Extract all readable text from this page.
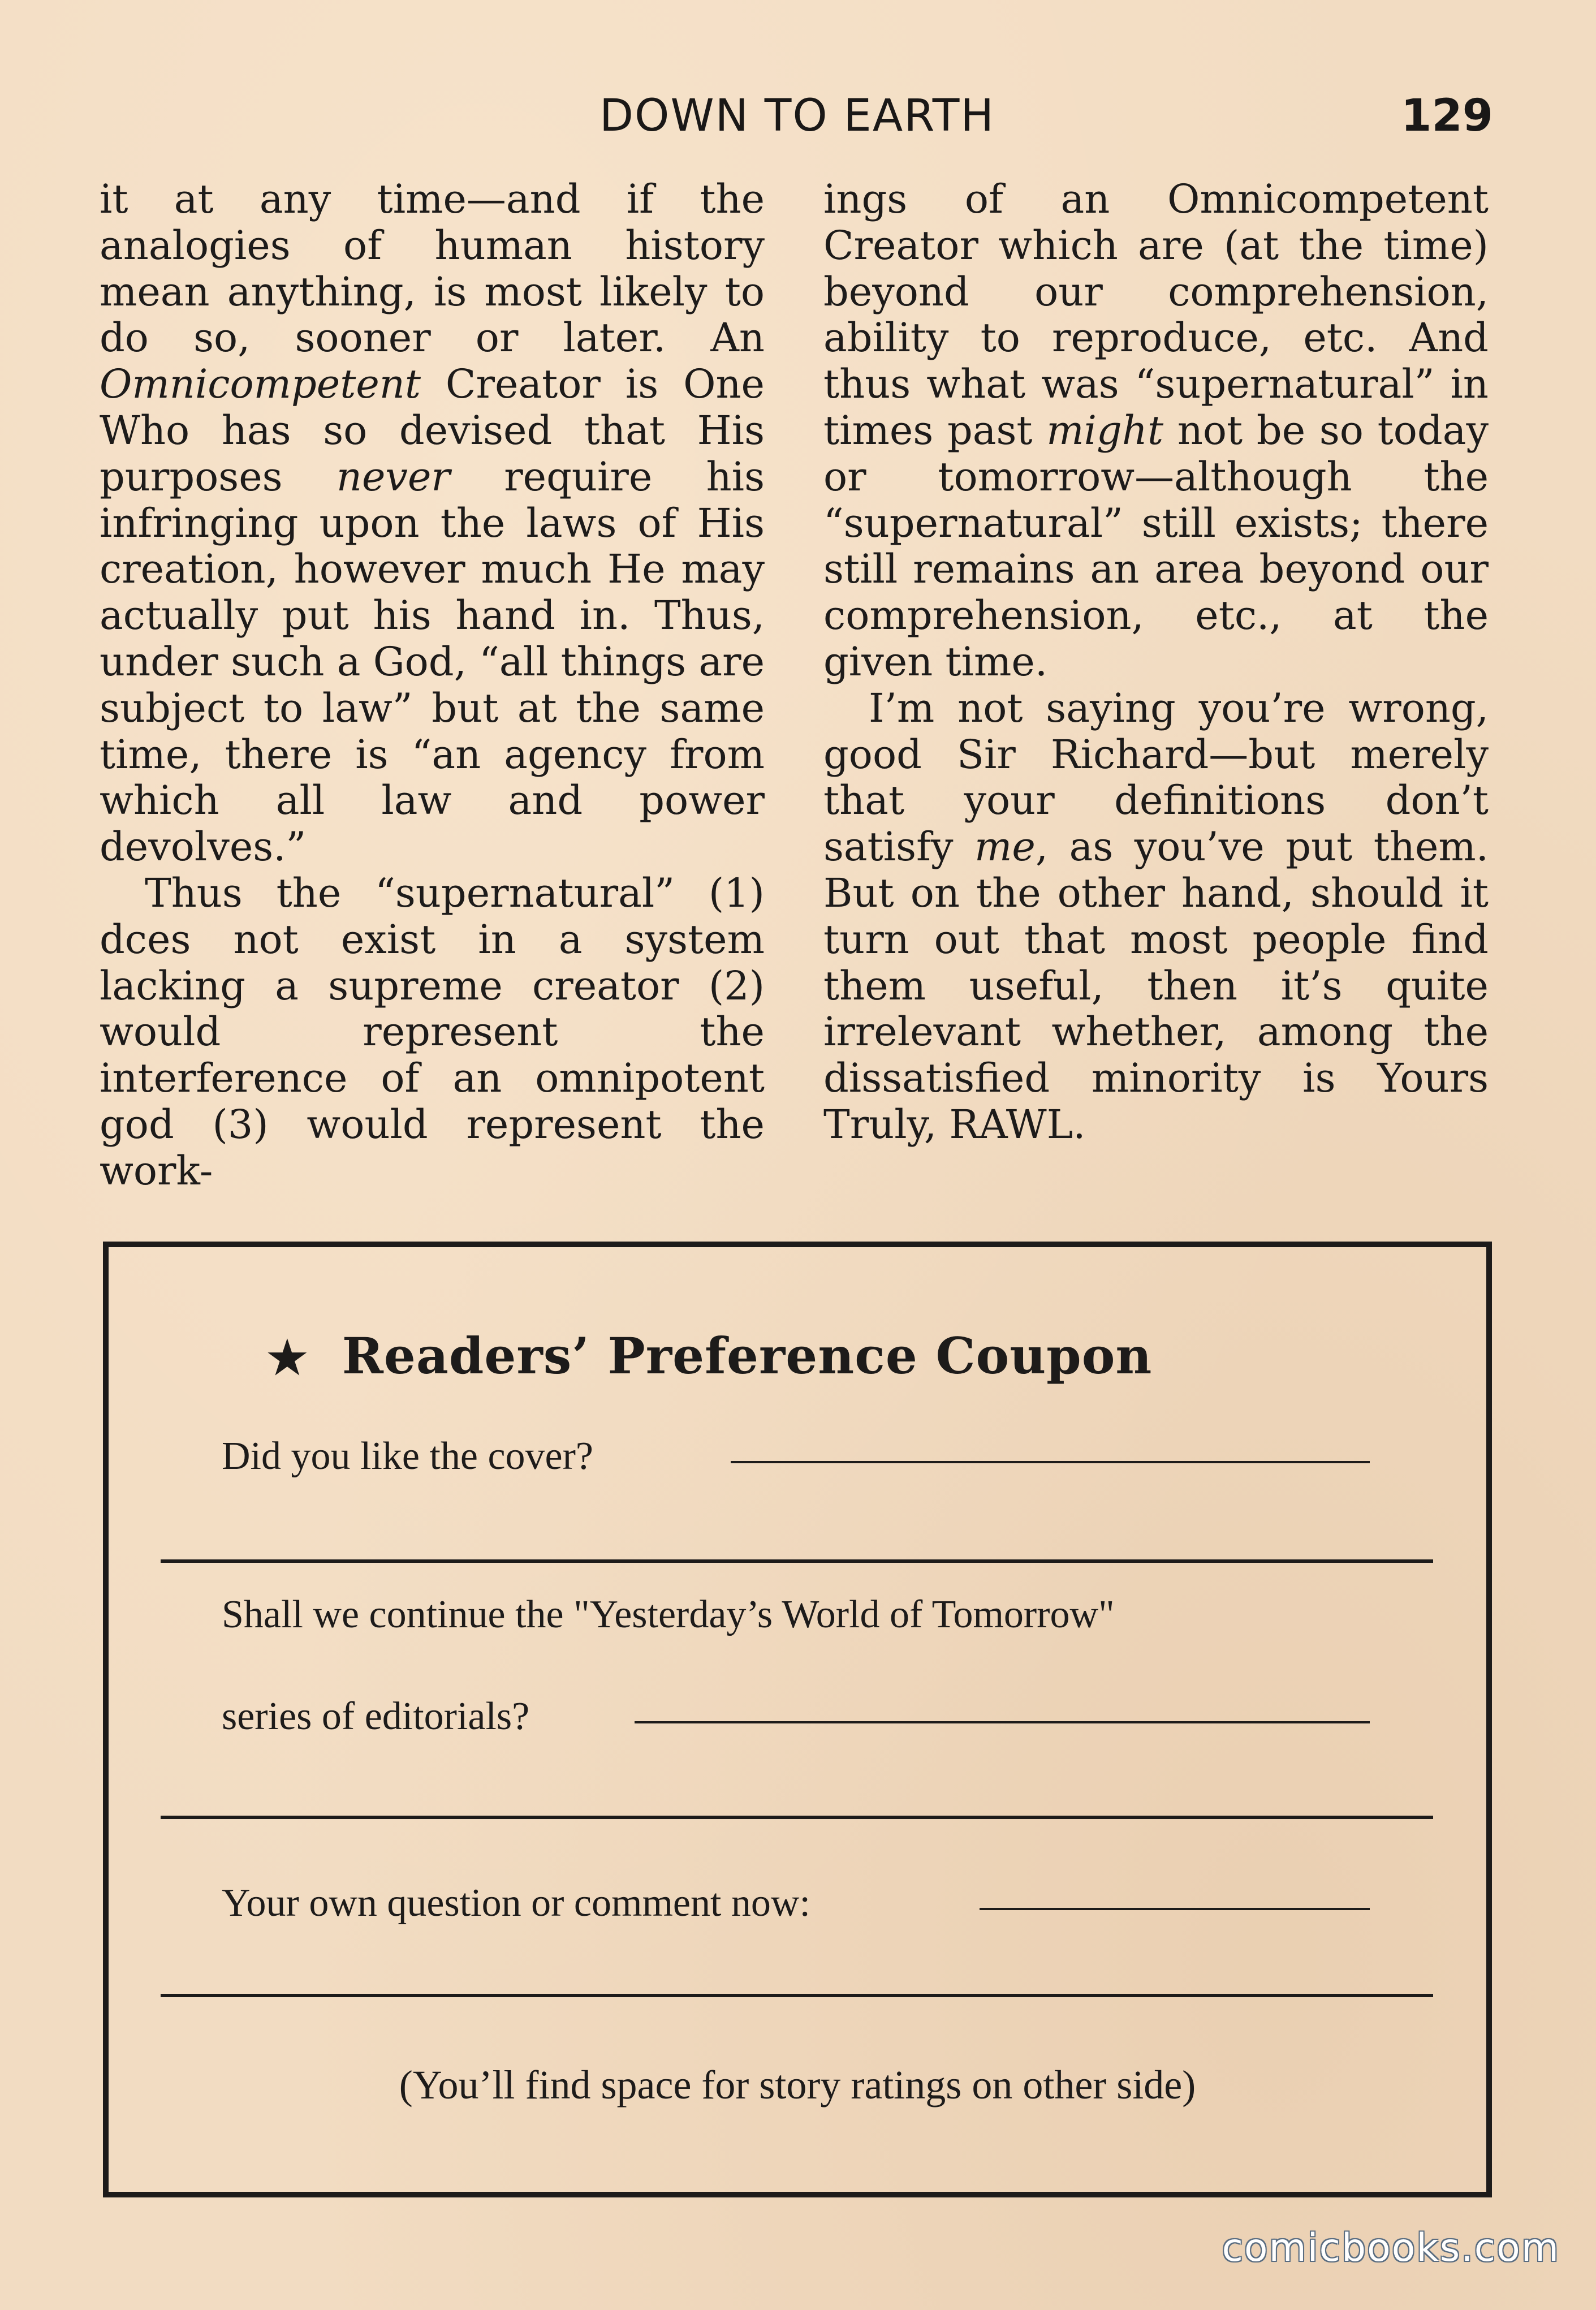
DOWN TO EARTH	129

it at any time—and if the analogies of human history mean anything, is most likely to do so, sooner or later. An Omnicompetent Creator is One Who has so devised that His purposes never require his infringing upon the laws of His creation, however much He may actually put his hand in. Thus, under such a God, “all things are subject to law” but at the same time, there is “an agency from which all law and power devolves.”

Thus the “supernatural” (1) dces not exist in a system lacking a supreme creator (2) would represent the interference of an omnipotent god (3) would represent the work-

ings of an Omnicompetent Creator which are (at the time) beyond our comprehension, ability to reproduce, etc. And thus what was “supernatural” in times past might not be so today or tomorrow—although the “supernatural” still exists; there still remains an area beyond our comprehension, etc., at the given time.

I’m not saying you’re wrong, good Sir Richard—but merely that your definitions don’t satisfy me, as you’ve put them. But on the other hand, should it turn out that most people find them useful, then it’s quite irrelevant whether, among the dissatisfied minority is Yours Truly, RAWL.

★ Readers’ Preference Coupon
Did you like the cover?
Shall we continue the "Yesterday’s World of Tomorrow"
series of editorials?
Your own question or comment now:
(You’ll find space for story ratings on other side)
comicbooks.com
